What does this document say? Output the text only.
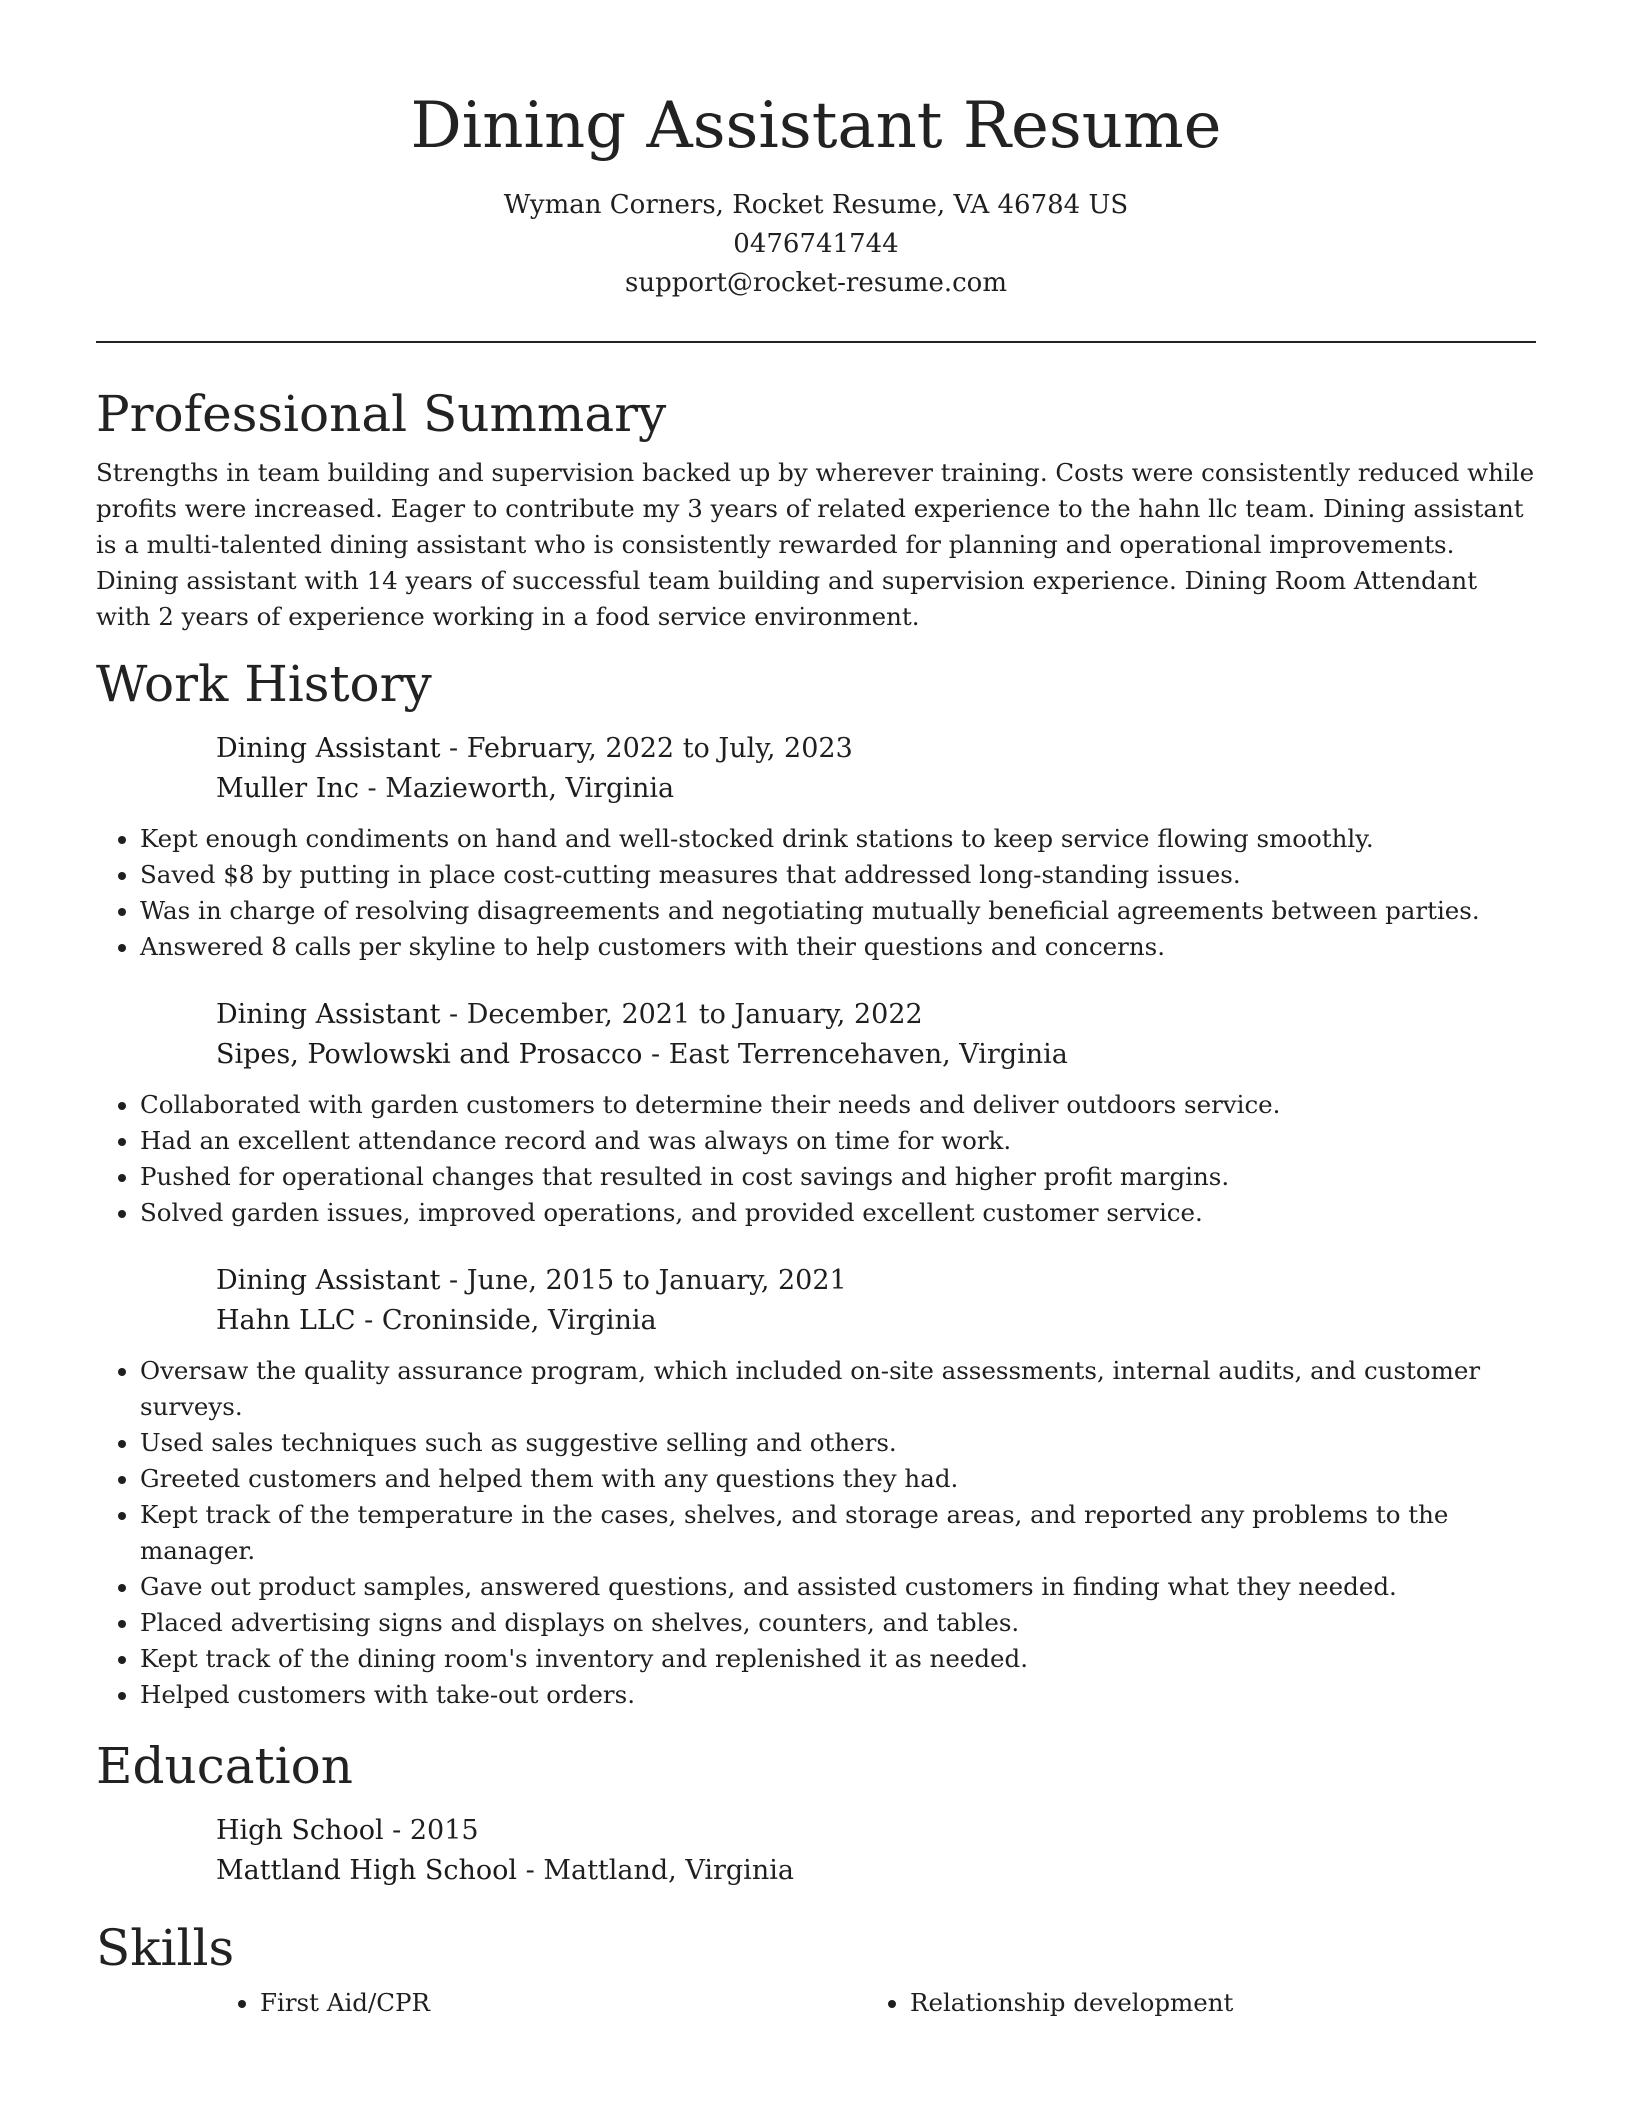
Dining Assistant Resume

Wyman Corners, Rocket Resume, VA 46784 US

0476741744

support@rocket-resume.com

Professional Summary

Strengths in team building and supervision backed up by wherever training. Costs were consistently reduced while profits were increased. Eager to contribute my 3 years of related experience to the hahn llc team. Dining assistant is a multi-talented dining assistant who is consistently rewarded for planning and operational improvements. Dining assistant with 14 years of successful team building and supervision experience. Dining Room Attendant with 2 years of experience working in a food service environment.

Work History

Dining Assistant - February, 2022 to July, 2023

Muller Inc - Mazieworth, Virginia

• Kept enough condiments on hand and well-stocked drink stations to keep service flowing smoothly.
• Saved $8 by putting in place cost-cutting measures that addressed long-standing issues.
• Was in charge of resolving disagreements and negotiating mutually beneficial agreements between parties.
• Answered 8 calls per skyline to help customers with their questions and concerns.

Dining Assistant - December, 2021 to January, 2022

Sipes, Powlowski and Prosacco - East Terrencehaven, Virginia

• Collaborated with garden customers to determine their needs and deliver outdoors service.
• Had an excellent attendance record and was always on time for work.
• Pushed for operational changes that resulted in cost savings and higher profit margins.
• Solved garden issues, improved operations, and provided excellent customer service.

Dining Assistant - June, 2015 to January, 2021

Hahn LLC - Croninside, Virginia

• Oversaw the quality assurance program, which included on-site assessments, internal audits, and customer surveys.
• Used sales techniques such as suggestive selling and others.
• Greeted customers and helped them with any questions they had.
• Kept track of the temperature in the cases, shelves, and storage areas, and reported any problems to the manager.
• Gave out product samples, answered questions, and assisted customers in finding what they needed.
• Placed advertising signs and displays on shelves, counters, and tables.
• Kept track of the dining room's inventory and replenished it as needed.
• Helped customers with take-out orders.
Education

High School - 2015

Mattland High School - Mattland, Virginia

Skills
• First Aid/CPR
•	Relationship development
